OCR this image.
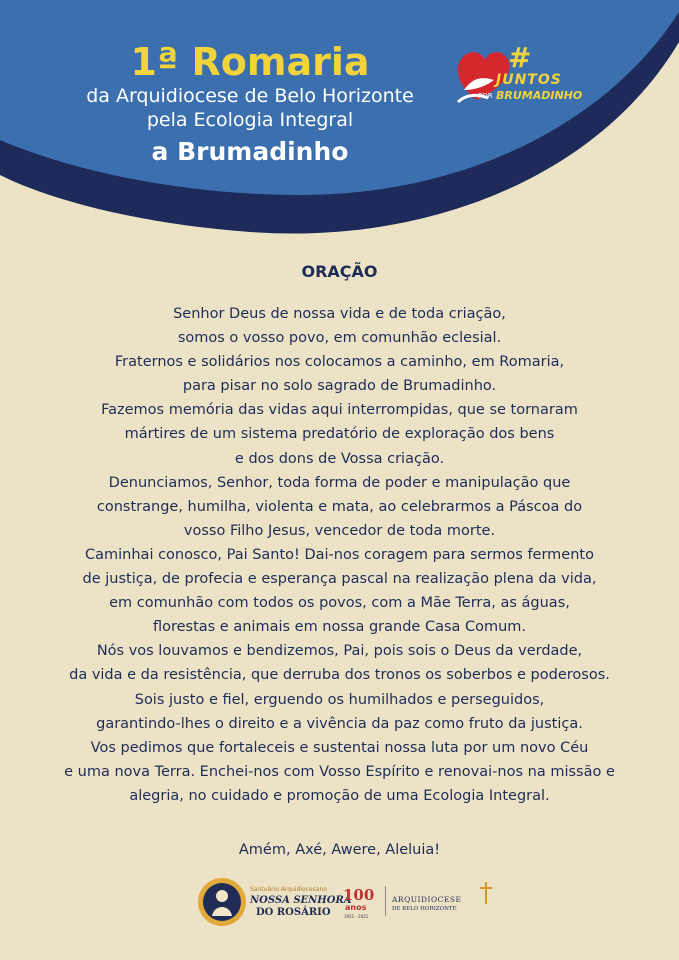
1ª Romaria
da Arquidiocese de Belo Horizonte
pela Ecologia Integral
a Brumadinho
#
JUNTOS
POR BRUMADINHO
ORAÇÃO
Senhor Deus de nossa vida e de toda criação,
somos o vosso povo, em comunhão eclesial.
Fraternos e solidários nos colocamos a caminho, em Romaria,
para pisar no solo sagrado de Brumadinho.
Fazemos memória das vidas aqui interrompidas, que se tornaram
mártires de um sistema predatório de exploração dos bens
e dos dons de Vossa criação.
Denunciamos, Senhor, toda forma de poder e manipulação que
constrange, humilha, violenta e mata, ao celebrarmos a Páscoa do
vosso Filho Jesus, vencedor de toda morte.
Caminhai conosco, Pai Santo! Dai-nos coragem para sermos fermento
de justiça, de profecia e esperança pascal na realização plena da vida,
em comunhão com todos os povos, com a Mãe Terra, as águas,
florestas e animais em nossa grande Casa Comum.
Nós vos louvamos e bendizemos, Pai, pois sois o Deus da verdade,
da vida e da resistência, que derruba dos tronos os soberbos e poderosos.
Sois justo e fiel, erguendo os humilhados e perseguidos,
garantindo-lhes o direito e a vivência da paz como fruto da justiça.
Vos pedimos que fortaleceis e sustentai nossa luta por um novo Céu
e uma nova Terra. Enchei-nos com Vosso Espírito e renovai-nos na missão e
alegria, no cuidado e promoção de uma Ecologia Integral.
Amém, Axé, Awere, Aleluia!
Santuário Arquidiocesano
NOSSA SENHORA
DO ROSÁRIO
100
anos
1921 - 2021
ARQUIDIOCESE
DE BELO HORIZONTE
